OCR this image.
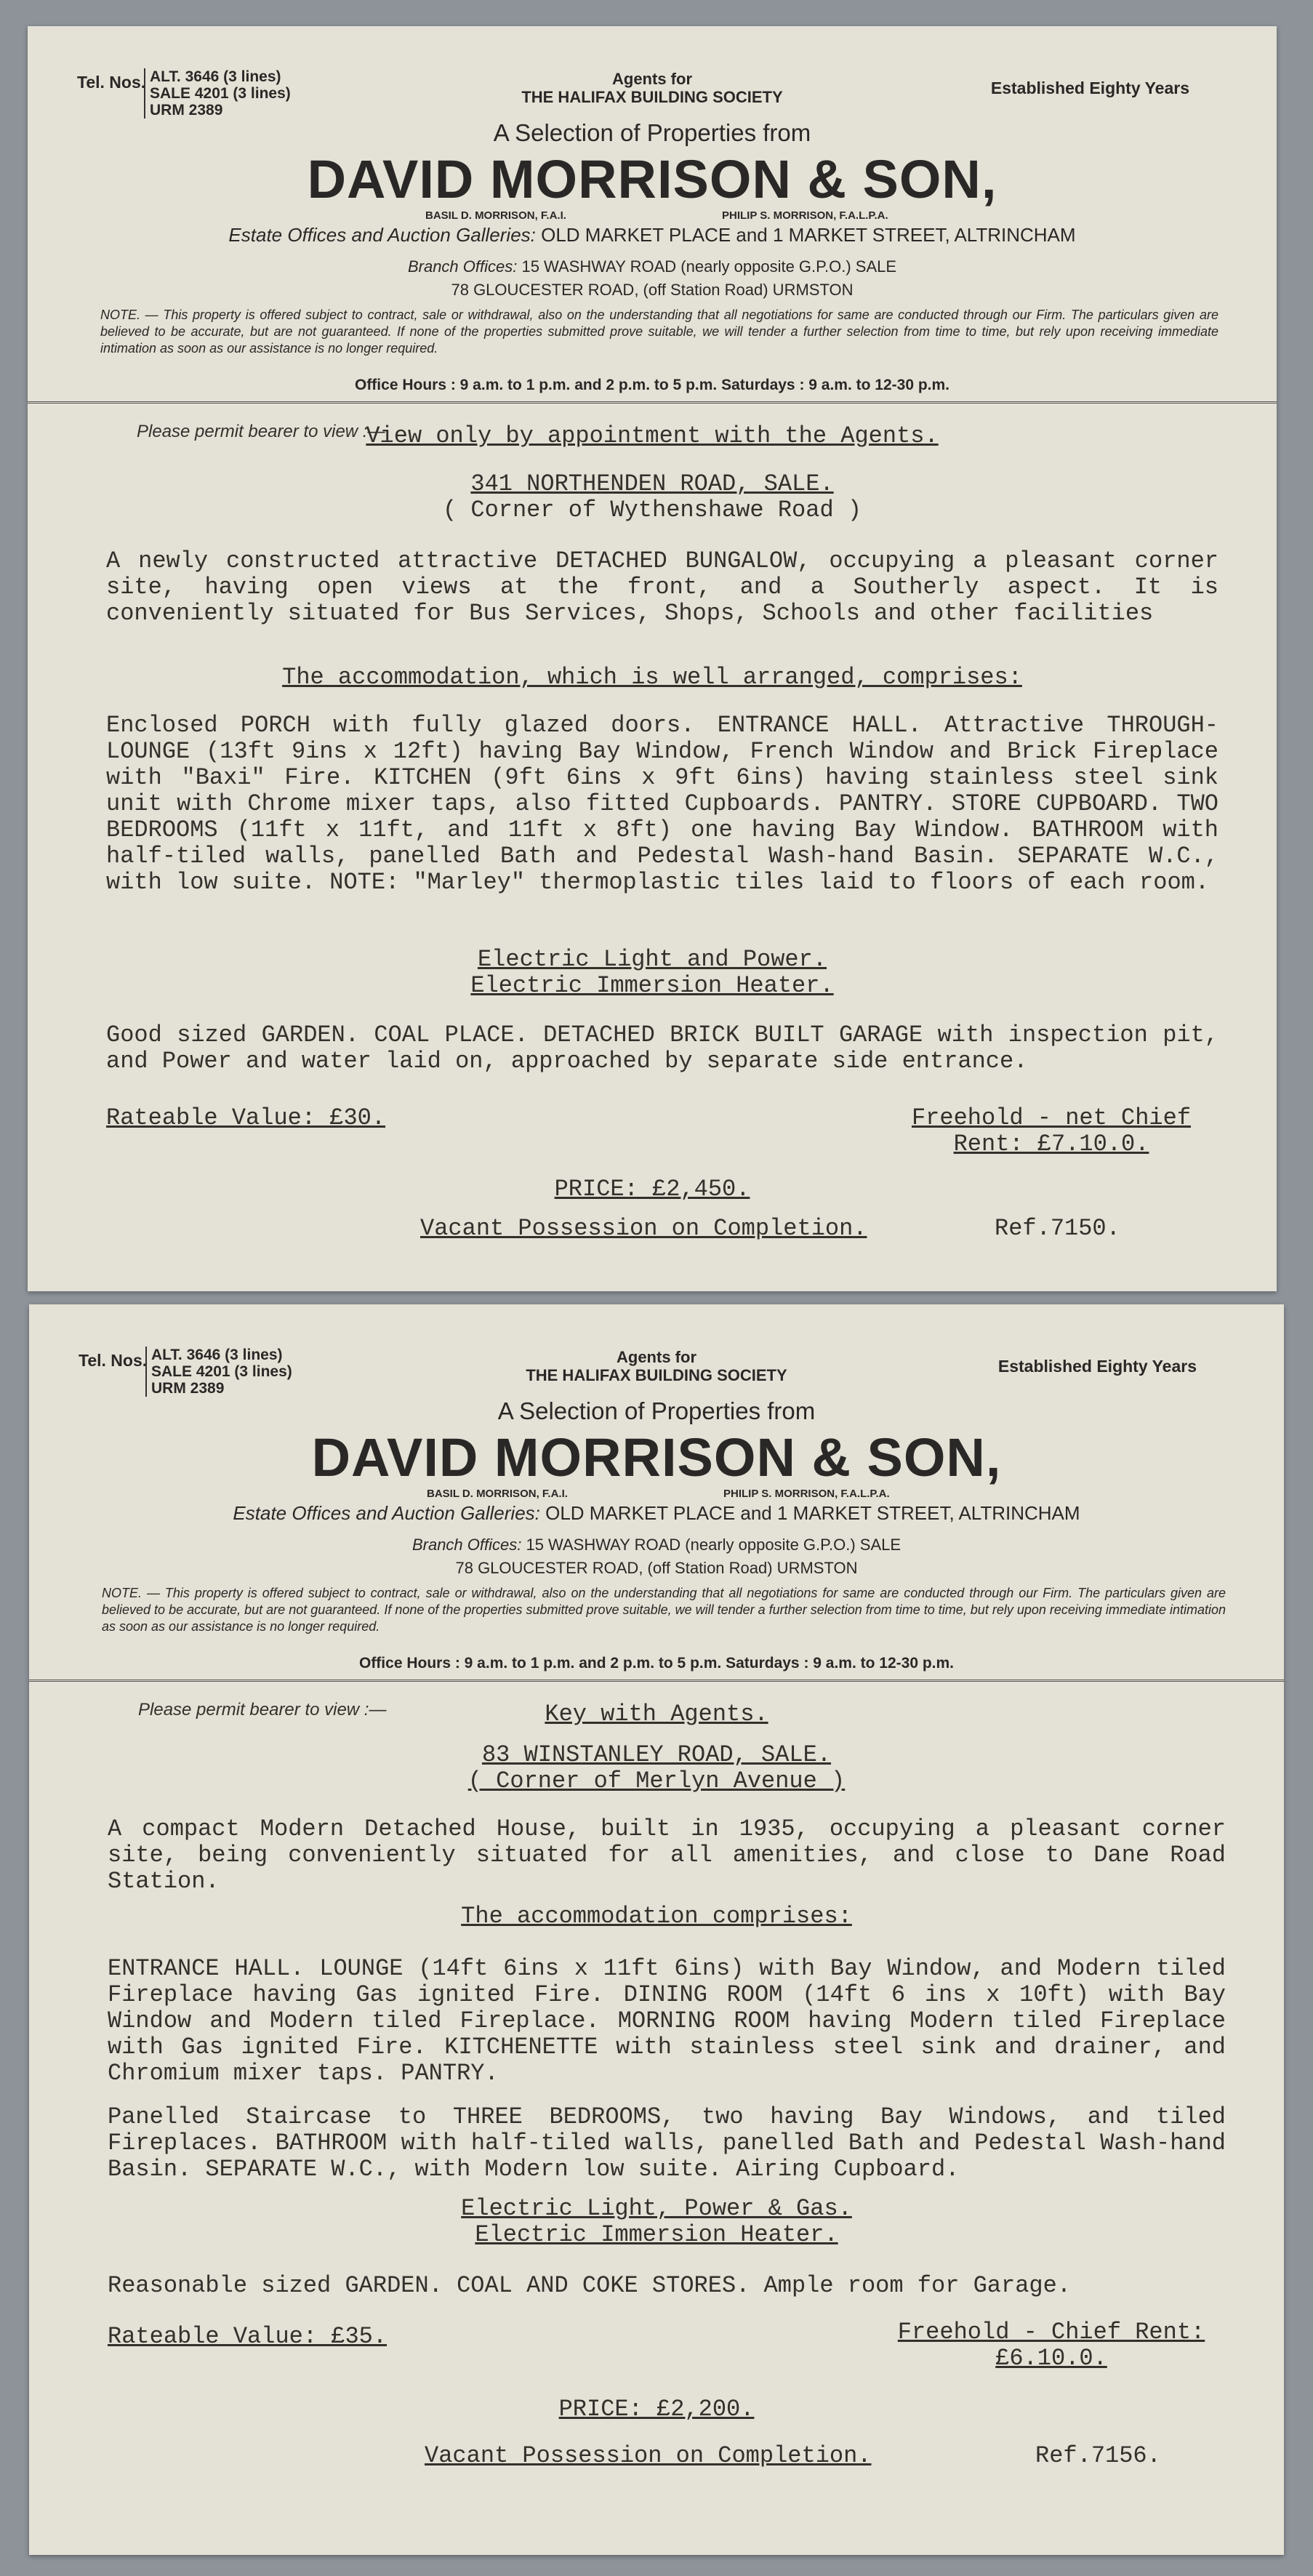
Tel. Nos. ALT. 3646 (3 lines)
SALE 4201 (3 lines)
URM 2389
Agents for
THE HALIFAX BUILDING SOCIETY	Established Eighty Years
A Selection of Properties from
DAVID MORRISON & SON,
BASIL D. MORRISON, F.A.I.	PHILIP S. MORRISON, F.A.L.P.A.
Estate Offices and Auction Galleries: OLD MARKET PLACE and 1 MARKET STREET, ALTRINCHAM
Branch Offices: 15 WASHWAY ROAD (nearly opposite G.P.O.) SALE
78 GLOUCESTER ROAD, (off Station Road) URMSTON
NOTE. — This property is offered subject to contract, sale or withdrawal, also on the understanding that all negotiations for same are conducted through our Firm. The particulars given are believed to be accurate, but are not guaranteed. If none of the properties submitted prove suitable, we will tender a further selection from time to time, but rely upon receiving immediate intimation as soon as our assistance is no longer required.
Office Hours : 9 a.m. to 1 p.m. and 2 p.m. to 5 p.m. Saturdays : 9 a.m. to 12-30 p.m.
Please permit bearer to view :—
View only by appointment with the Agents.
341 NORTHENDEN ROAD, SALE.
( Corner of Wythenshawe Road )
A newly constructed attractive DETACHED BUNGALOW, occupying a pleasant corner site, having open views at the front, and a Southerly aspect. It is conveniently situated for Bus Services, Shops, Schools and other facilities
The accommodation, which is well arranged, comprises:
Enclosed PORCH with fully glazed doors. ENTRANCE HALL. Attractive THROUGH-LOUNGE (13ft 9ins x 12ft) having Bay Window, French Window and Brick Fireplace with "Baxi" Fire. KITCHEN (9ft 6ins x 9ft 6ins) having stainless steel sink unit with Chrome mixer taps, also fitted Cupboards. PANTRY. STORE CUPBOARD. TWO BEDROOMS (11ft x 11ft, and 11ft x 8ft) one having Bay Window. BATHROOM with half-tiled walls, panelled Bath and Pedestal Wash-hand Basin. SEPARATE W.C., with low suite. NOTE: "Marley" thermoplastic tiles laid to floors of each room.
Electric Light and Power.
Electric Immersion Heater.
Good sized GARDEN. COAL PLACE. DETACHED BRICK BUILT GARAGE with inspection pit, and Power and water laid on, approached by separate side entrance.
Rateable Value: £30.	Freehold - net Chief
Rent: £7.10.0.
PRICE: £2,450.
Vacant Possession on Completion.	Ref.7150.
Tel. Nos. ALT. 3646 (3 lines)
SALE 4201 (3 lines)
URM 2389
Agents for
THE HALIFAX BUILDING SOCIETY	Established Eighty Years
A Selection of Properties from
DAVID MORRISON & SON,
BASIL D. MORRISON, F.A.I.	PHILIP S. MORRISON, F.A.L.P.A.
Estate Offices and Auction Galleries: OLD MARKET PLACE and 1 MARKET STREET, ALTRINCHAM
Branch Offices: 15 WASHWAY ROAD (nearly opposite G.P.O.) SALE
78 GLOUCESTER ROAD, (off Station Road) URMSTON
NOTE. — This property is offered subject to contract, sale or withdrawal, also on the understanding that all negotiations for same are conducted through our Firm. The particulars given are believed to be accurate, but are not guaranteed. If none of the properties submitted prove suitable, we will tender a further selection from time to time, but rely upon receiving immediate intimation as soon as our assistance is no longer required.
Office Hours : 9 a.m. to 1 p.m. and 2 p.m. to 5 p.m. Saturdays : 9 a.m. to 12-30 p.m.
Please permit bearer to view :—	Key with Agents.
83 WINSTANLEY ROAD, SALE.
( Corner of Merlyn Avenue )
A compact Modern Detached House, built in 1935, occupying a pleasant corner site, being conveniently situated for all amenities, and close to Dane Road Station.
The accommodation comprises:
ENTRANCE HALL. LOUNGE (14ft 6ins x 11ft 6ins) with Bay Window, and Modern tiled Fireplace having Gas ignited Fire. DINING ROOM (14ft 6 ins x 10ft) with Bay Window and Modern tiled Fireplace. MORNING ROOM having Modern tiled Fireplace with Gas ignited Fire. KITCHENETTE with stainless steel sink and drainer, and Chromium mixer taps. PANTRY.
Panelled Staircase to THREE BEDROOMS, two having Bay Windows, and tiled Fireplaces. BATHROOM with half-tiled walls, panelled Bath and Pedestal Wash-hand Basin. SEPARATE W.C., with Modern low suite. Airing Cupboard.
Electric Light, Power & Gas.
Electric Immersion Heater.
Reasonable sized GARDEN. COAL AND COKE STORES. Ample room for Garage.
Rateable Value: £35.	Freehold - Chief Rent:
£6.10.0.
PRICE: £2,200.
Vacant Possession on Completion.	Ref.7156.
